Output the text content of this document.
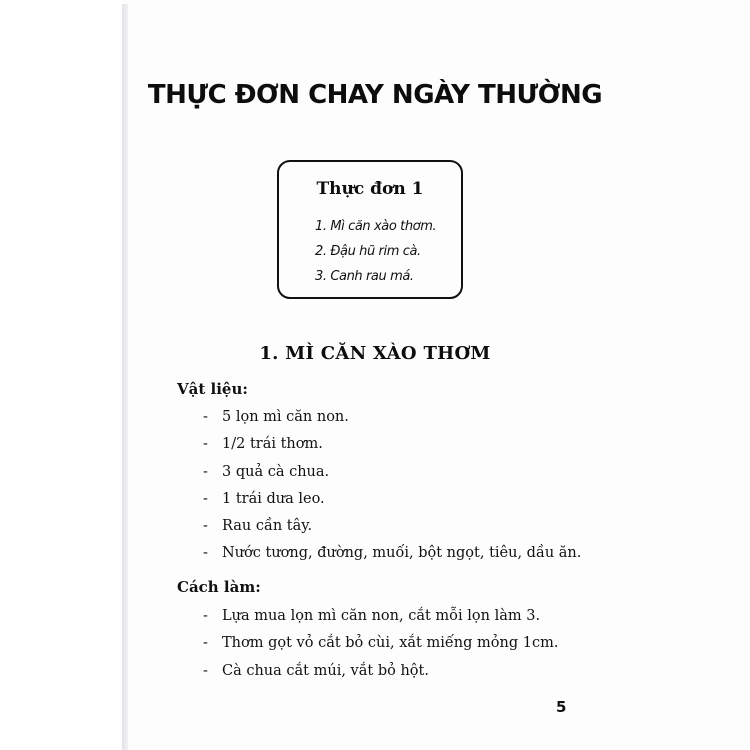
THỰC ĐƠN CHAY NGÀY THƯỜNG
Thực đơn 1
1. Mì căn xào thơm.
2. Đậu hũ rim cà.
3. Canh rau má.
1. MÌ CĂN XÀO THƠM
Vật liệu:
- 5 lọn mì căn non.
- 1/2 trái thơm.
- 3 quả cà chua.
- 1 trái dưa leo.
- Rau cần tây.
- Nước tương, đường, muối, bột ngọt, tiêu, dầu ăn.
Cách làm:
- Lựa mua lọn mì căn non, cắt mỗi lọn làm 3.
- Thơm gọt vỏ cắt bỏ cùi, xắt miếng mỏng 1cm.
- Cà chua cắt múi, vắt bỏ hột.
5
